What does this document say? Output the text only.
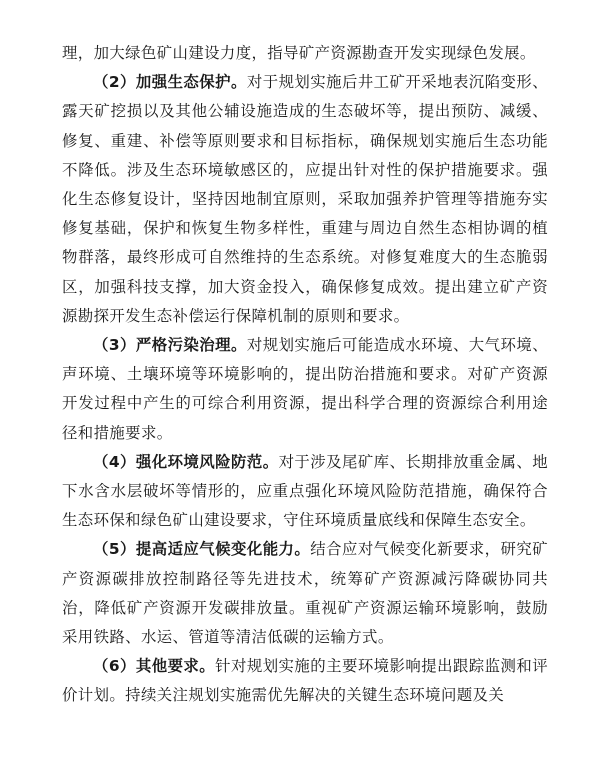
理，加大绿色矿山建设力度，指导矿产资源勘查开发实现绿色发展。

（2）加强生态保护。对于规划实施后井工矿开采地表沉陷变形、露天矿挖损以及其他公辅设施造成的生态破坏等，提出预防、减缓、修复、重建、补偿等原则要求和目标指标，确保规划实施后生态功能不降低。涉及生态环境敏感区的，应提出针对性的保护措施要求。强化生态修复设计，坚持因地制宜原则，采取加强养护管理等措施夯实修复基础，保护和恢复生物多样性，重建与周边自然生态相协调的植物群落，最终形成可自然维持的生态系统。对修复难度大的生态脆弱区，加强科技支撑，加大资金投入，确保修复成效。提出建立矿产资源勘探开发生态补偿运行保障机制的原则和要求。

（3）严格污染治理。对规划实施后可能造成水环境、大气环境、声环境、土壤环境等环境影响的，提出防治措施和要求。对矿产资源开发过程中产生的可综合利用资源，提出科学合理的资源综合利用途径和措施要求。

（4）强化环境风险防范。对于涉及尾矿库、长期排放重金属、地下水含水层破坏等情形的，应重点强化环境风险防范措施，确保符合生态环保和绿色矿山建设要求，守住环境质量底线和保障生态安全。

（5）提高适应气候变化能力。结合应对气候变化新要求，研究矿产资源碳排放控制路径等先进技术，统筹矿产资源减污降碳协同共治，降低矿产资源开发碳排放量。重视矿产资源运输环境影响，鼓励采用铁路、水运、管道等清洁低碳的运输方式。

（6）其他要求。针对规划实施的主要环境影响提出跟踪监测和评价计划。持续关注规划实施需优先解决的关键生态环境问题及关
